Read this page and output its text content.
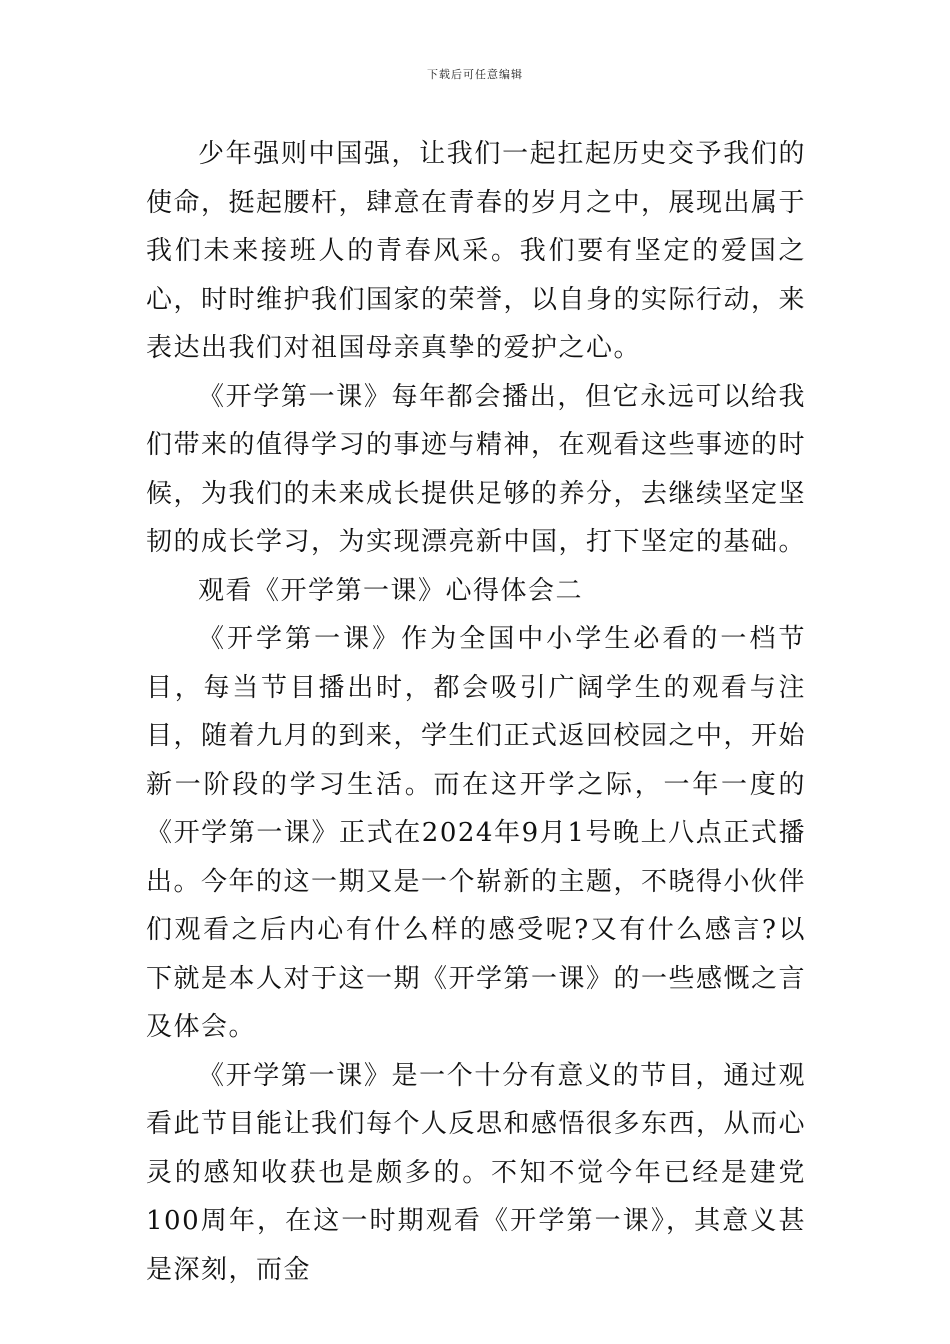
下载后可任意编辑

少年强则中国强，让我们一起扛起历史交予我们的使命，挺起腰杆，肆意在青春的岁月之中，展现出属于我们未来接班人的青春风采。我们要有坚定的爱国之心，时时维护我们国家的荣誉，以自身的实际行动，来表达出我们对祖国母亲真挚的爱护之心。

《开学第一课》每年都会播出，但它永远可以给我们带来的值得学习的事迹与精神，在观看这些事迹的时候，为我们的未来成长提供足够的养分，去继续坚定坚韧的成长学习，为实现漂亮新中国，打下坚定的基础。

观看《开学第一课》心得体会二

《开学第一课》作为全国中小学生必看的一档节目，每当节目播出时，都会吸引广阔学生的观看与注目，随着九月的到来，学生们正式返回校园之中，开始新一阶段的学习生活。而在这开学之际，一年一度的《开学第一课》正式在2024年9月1号晚上八点正式播出。今年的这一期又是一个崭新的主题，不晓得小伙伴们观看之后内心有什么样的感受呢?又有什么感言?以下就是本人对于这一期《开学第一课》的一些感慨之言及体会。

《开学第一课》是一个十分有意义的节目，通过观看此节目能让我们每个人反思和感悟很多东西，从而心灵的感知收获也是颇多的。不知不觉今年已经是建党100周年，在这一时期观看《开学第一课》，其意义甚是深刻，而金
